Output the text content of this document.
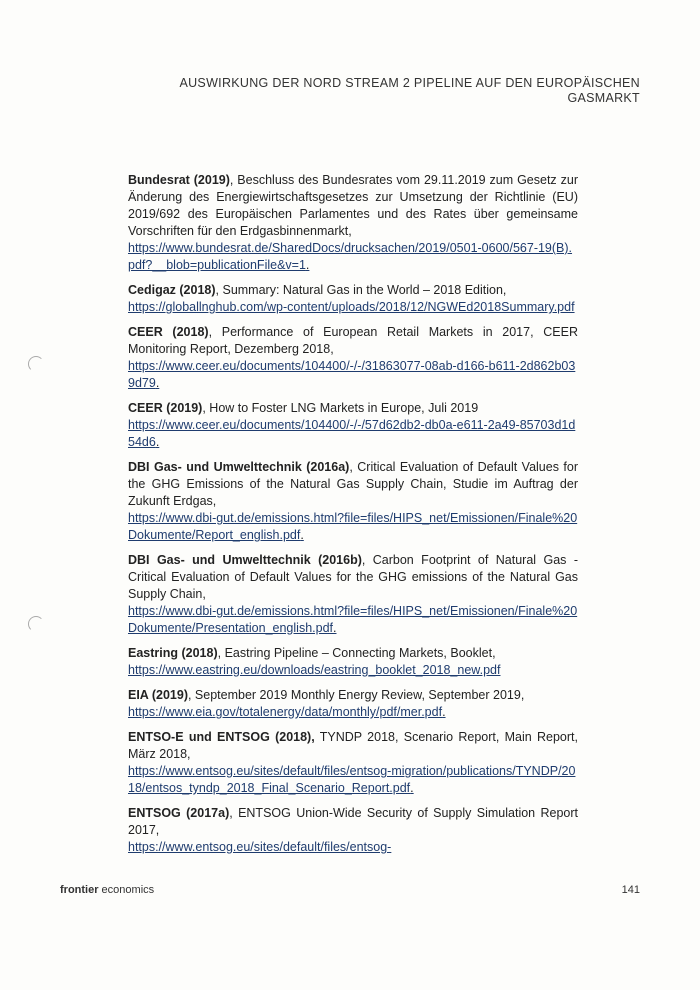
AUSWIRKUNG DER NORD STREAM 2 PIPELINE AUF DEN EUROPÄISCHEN
GASMARKT

Bundesrat (2019), Beschluss des Bundesrates vom 29.11.2019 zum Gesetz zur Änderung des Energiewirtschaftsgesetzes zur Umsetzung der Richtlinie (EU) 2019/692 des Europäischen Parlamentes und des Rates über gemeinsame Vorschriften für den Erdgasbinnenmarkt,
https://www.bundesrat.de/SharedDocs/drucksachen/2019/0501-0600/567-19(B).pdf?__blob=publicationFile&v=1.

Cedigaz (2018), Summary: Natural Gas in the World – 2018 Edition,
https://globallnghub.com/wp-content/uploads/2018/12/NGWEd2018Summary.pdf

CEER (2018), Performance of European Retail Markets in 2017, CEER Monitoring Report, Dezemberg 2018,
https://www.ceer.eu/documents/104400/-/-/31863077-08ab-d166-b611-2d862b039d79.

CEER (2019), How to Foster LNG Markets in Europe, Juli 2019
https://www.ceer.eu/documents/104400/-/-/57d62db2-db0a-e611-2a49-85703d1d54d6.

DBI Gas- und Umwelttechnik (2016a), Critical Evaluation of Default Values for the GHG Emissions of the Natural Gas Supply Chain, Studie im Auftrag der Zukunft Erdgas,
https://www.dbi-gut.de/emissions.html?file=files/HIPS_net/Emissionen/Finale%20Dokumente/Report_english.pdf.

DBI Gas- und Umwelttechnik (2016b), Carbon Footprint of Natural Gas - Critical Evaluation of Default Values for the GHG emissions of the Natural Gas Supply Chain,
https://www.dbi-gut.de/emissions.html?file=files/HIPS_net/Emissionen/Finale%20Dokumente/Presentation_english.pdf.

Eastring (2018), Eastring Pipeline – Connecting Markets, Booklet,
https://www.eastring.eu/downloads/eastring_booklet_2018_new.pdf

EIA (2019), September 2019 Monthly Energy Review, September 2019,
https://www.eia.gov/totalenergy/data/monthly/pdf/mer.pdf.

ENTSO-E und ENTSOG (2018), TYNDP 2018, Scenario Report, Main Report, März 2018,
https://www.entsog.eu/sites/default/files/entsog-migration/publications/TYNDP/2018/entsos_tyndp_2018_Final_Scenario_Report.pdf.

ENTSOG (2017a), ENTSOG Union-Wide Security of Supply Simulation Report 2017,
https://www.entsog.eu/sites/default/files/entsog-

frontier economics	141
